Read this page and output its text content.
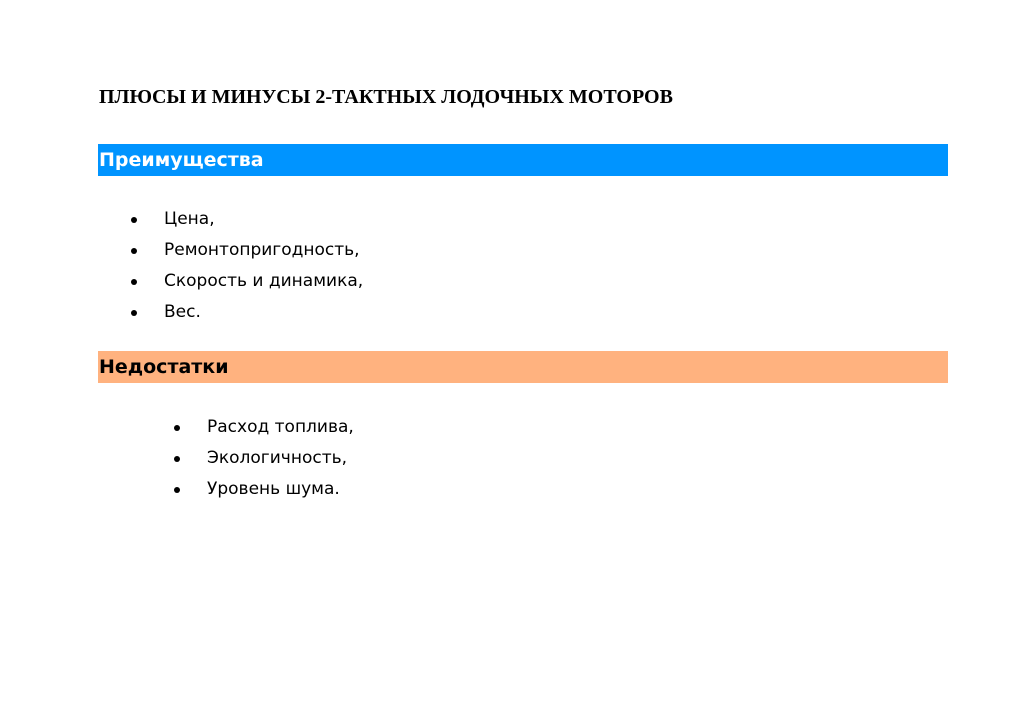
ПЛЮСЫ И МИНУСЫ 2-ТАКТНЫХ ЛОДОЧНЫХ МОТОРОВ
Преимущества
Цена,
Ремонтопригодность,
Скорость и динамика,
Вес.
Недостатки
Расход топлива,
Экологичность,
Уровень шума.
